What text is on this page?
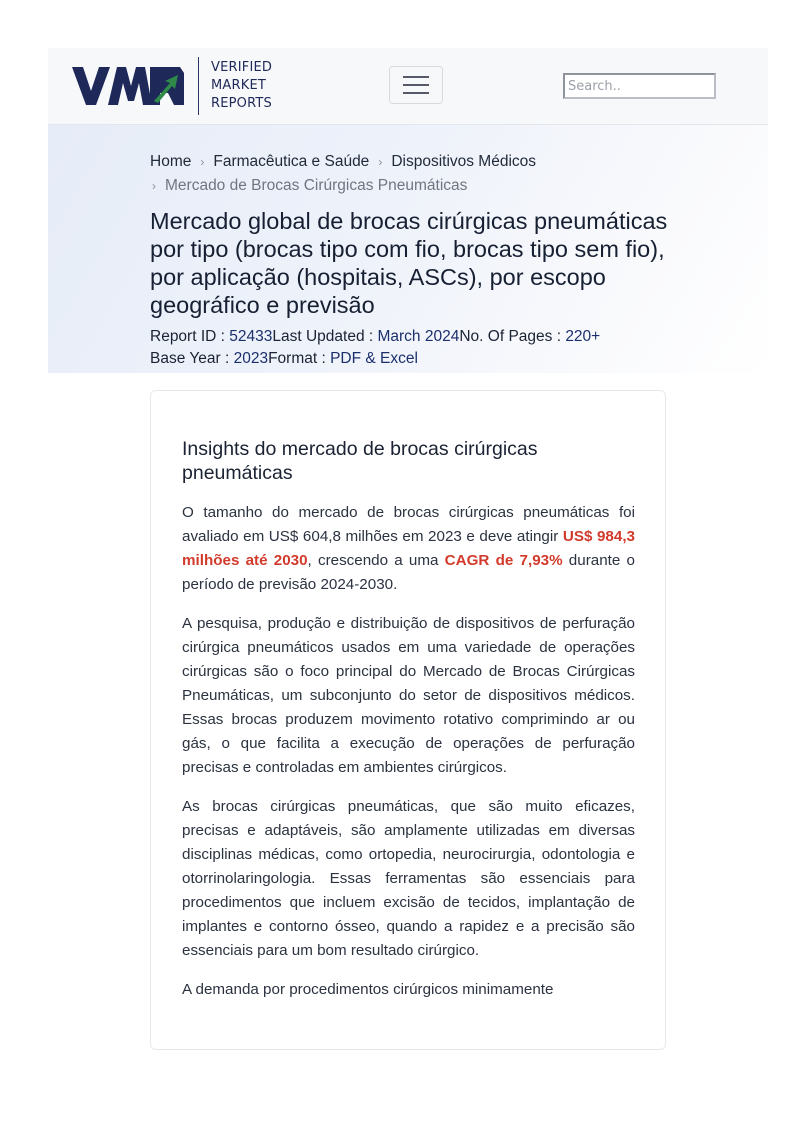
VERIFIED
MARKET
REPORTS
Search..
Home › Farmacêutica e Saúde › Dispositivos Médicos
› Mercado de Brocas Cirúrgicas Pneumáticas
Mercado global de brocas cirúrgicas pneumáticas por tipo (brocas tipo com fio, brocas tipo sem fio), por aplicação (hospitais, ASCs), por escopo geográfico e previsão
Report ID : 52433Last Updated : March 2024No. Of Pages : 220+
Base Year : 2023Format : PDF & Excel
Insights do mercado de brocas cirúrgicas pneumáticas

O tamanho do mercado de brocas cirúrgicas pneumáticas foi avaliado em US$ 604,8 milhões em 2023 e deve atingir US$ 984,3 milhões até 2030, crescendo a uma CAGR de 7,93% durante o período de previsão 2024-2030.

A pesquisa, produção e distribuição de dispositivos de perfuração cirúrgica pneumáticos usados em uma variedade de operações cirúrgicas são o foco principal do Mercado de Brocas Cirúrgicas Pneumáticas, um subconjunto do setor de dispositivos médicos. Essas brocas produzem movimento rotativo comprimindo ar ou gás, o que facilita a execução de operações de perfuração precisas e controladas em ambientes cirúrgicos.

As brocas cirúrgicas pneumáticas, que são muito eficazes, precisas e adaptáveis, são amplamente utilizadas em diversas disciplinas médicas, como ortopedia, neurocirurgia, odontologia e otorrinolaringologia. Essas ferramentas são essenciais para procedimentos que incluem excisão de tecidos, implantação de implantes e contorno ósseo, quando a rapidez e a precisão são essenciais para um bom resultado cirúrgico.

A demanda por procedimentos cirúrgicos minimamente
